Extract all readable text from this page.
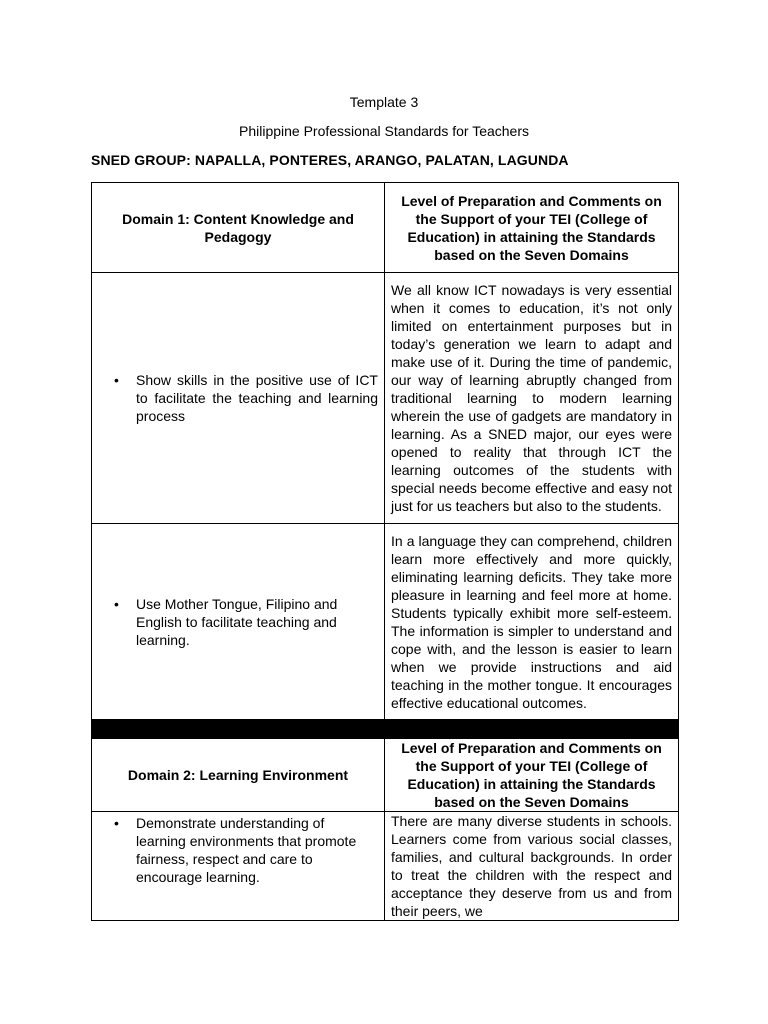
Template 3
Philippine Professional Standards for Teachers
SNED GROUP: NAPALLA, PONTERES, ARANGO, PALATAN, LAGUNDA
Domain 1: Content Knowledge and Pedagogy	Level of Preparation and Comments on the Support of your TEI (College of Education) in attaining the Standards based on the Seven Domains

• Show skills in the positive use of ICT to facilitate the teaching and learning process	We all know ICT nowadays is very essential when it comes to education, it’s not only limited on entertainment purposes but in today’s generation we learn to adapt and make use of it. During the time of pandemic, our way of learning abruptly changed from traditional learning to modern learning wherein the use of gadgets are mandatory in learning. As a SNED major, our eyes were opened to reality that through ICT the learning outcomes of the students with special needs become effective and easy not just for us teachers but also to the students.

• Use Mother Tongue, Filipino and English to facilitate teaching and learning.	In a language they can comprehend, children learn more effectively and more quickly, eliminating learning deficits. They take more pleasure in learning and feel more at home. Students typically exhibit more self-esteem. The information is simpler to understand and cope with, and the lesson is easier to learn when we provide instructions and aid teaching in the mother tongue. It encourages effective educational outcomes.

Domain 2: Learning Environment	Level of Preparation and Comments on the Support of your TEI (College of Education) in attaining the Standards based on the Seven Domains

• Demonstrate understanding of learning environments that promote fairness, respect and care to encourage learning.	There are many diverse students in schools. Learners come from various social classes, families, and cultural backgrounds. In order to treat the children with the respect and acceptance they deserve from us and from their peers, we
